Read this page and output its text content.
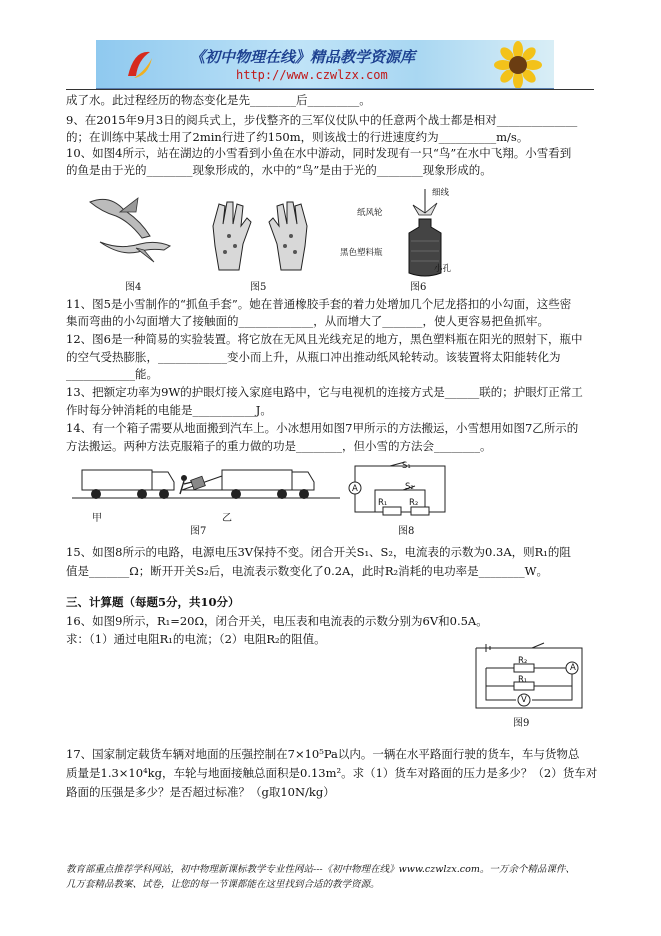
《初中物理在线》精品教学资源库
http://www.czwlzx.com
成了水。此过程经历的物态变化是先________后_________。
9、在2015年9月3日的阅兵式上，步伐整齐的三军仪仗队中的任意两个战士都是相对______________
的；在训练中某战士用了2min行进了约150m，则该战士的行进速度约为__________m/s。
10、如图4所示，站在湖边的小雪看到小鱼在水中游动，同时发现有一只“鸟”在水中飞翔。小雪看到
的鱼是由于光的________现象形成的，水中的“鸟”是由于光的________现象形成的。
图4	图5
细线
纸风轮
黑色塑料瓶
小孔
图6
11、图5是小雪制作的“抓鱼手套”。她在普通橡胶手套的着力处增加几个尼龙搭扣的小勾面，这些密
集而弯曲的小勾面增大了接触面的_____________，从而增大了_______，使人更容易把鱼抓牢。
12、图6是一种简易的实验装置。将它放在无风且光线充足的地方，黑色塑料瓶在阳光的照射下，瓶中
的空气受热膨胀，____________变小而上升，从瓶口冲出推动纸风轮转动。该装置将太阳能转化为
____________能。
13、把额定功率为9W的护眼灯接入家庭电路中，它与电视机的连接方式是______联的；护眼灯正常工
作时每分钟消耗的电能是___________J。
14、有一个箱子需要从地面搬到汽车上。小冰想用如图7甲所示的方法搬运，小雪想用如图7乙所示的
方法搬运。两种方法克服箱子的重力做的功是________，但小雪的方法会________。
甲	乙
图7
S₁
S₂
A
R₁	R₂
图8
15、如图8所示的电路，电源电压3V保持不变。闭合开关S₁、S₂，电流表的示数为0.3A，则R₁的阻
值是_______Ω；断开开关S₂后，电流表示数变化了0.2A，此时R₂消耗的电功率是________W。
三、计算题（每题5分，共10分）
16、如图9所示，R₁=20Ω，闭合开关，电压表和电流表的示数分别为6V和0.5A。
求：（1）通过电阻R₁的电流；（2）电阻R₂的阻值。
R₂
A
R₁
V
图9
17、国家制定载货车辆对地面的压强控制在7×10⁵Pa以内。一辆在水平路面行驶的货车，车与货物总
质量是1.3×10⁴kg，车轮与地面接触总面积是0.13m²。求（1）货车对路面的压力是多少？（2）货车对
路面的压强是多少？是否超过标准？（g取10N/kg）
教育部重点推荐学科网站，初中物理新课标教学专业性网站---《初中物理在线》www.czwlzx.com。一万余个精品课件、
几万套精品教案、试卷，让您的每一节课都能在这里找到合适的教学资源。
